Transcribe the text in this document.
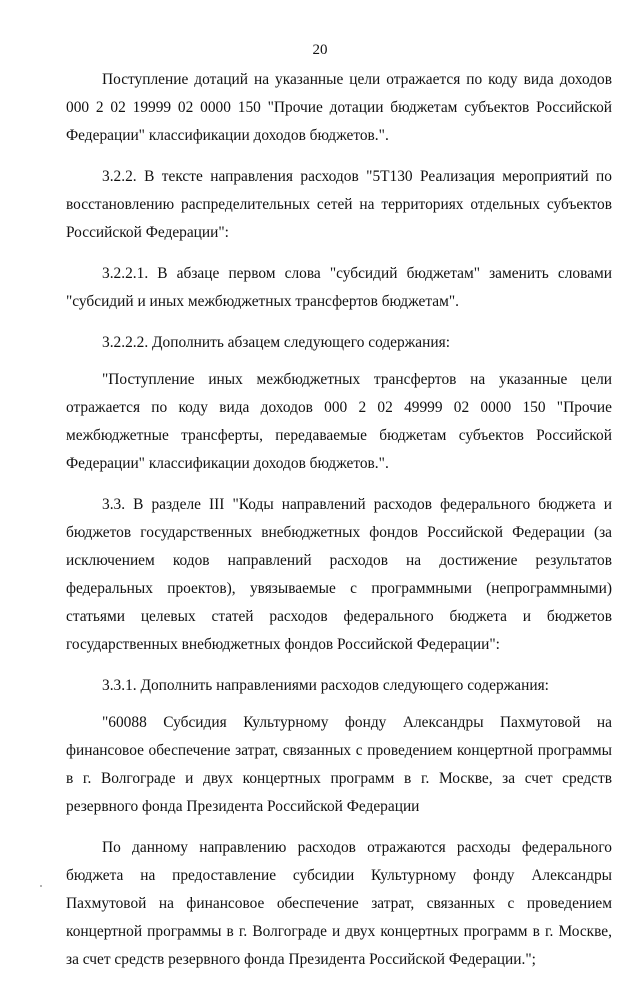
20

Поступление дотаций на указанные цели отражается по коду вида доходов 000 2 02 19999 02 0000 150 "Прочие дотации бюджетам субъектов Российской Федерации" классификации доходов бюджетов.".

3.2.2. В тексте направления расходов "5Т130 Реализация мероприятий по восстановлению распределительных сетей на территориях отдельных субъектов Российской Федерации":

3.2.2.1. В абзаце первом слова "субсидий бюджетам" заменить словами "субсидий и иных межбюджетных трансфертов бюджетам".

3.2.2.2. Дополнить абзацем следующего содержания:

"Поступление иных межбюджетных трансфертов на указанные цели отражается по коду вида доходов 000 2 02 49999 02 0000 150 "Прочие межбюджетные трансферты, передаваемые бюджетам субъектов Российской Федерации" классификации доходов бюджетов.".

3.3. В разделе III "Коды направлений расходов федерального бюджета и бюджетов государственных внебюджетных фондов Российской Федерации (за исключением кодов направлений расходов на достижение результатов федеральных проектов), увязываемые с программными (непрограммными) статьями целевых статей расходов федерального бюджета и бюджетов государственных внебюджетных фондов Российской Федерации":

3.3.1. Дополнить направлениями расходов следующего содержания:

"60088 Субсидия Культурному фонду Александры Пахмутовой на финансовое обеспечение затрат, связанных с проведением концертной программы в г. Волгограде и двух концертных программ в г. Москве, за счет средств резервного фонда Президента Российской Федерации

По данному направлению расходов отражаются расходы федерального бюджета на предоставление субсидии Культурному фонду Александры Пахмутовой на финансовое обеспечение затрат, связанных с проведением концертной программы в г. Волгограде и двух концертных программ в г. Москве, за счет средств резервного фонда Президента Российской Федерации.";
